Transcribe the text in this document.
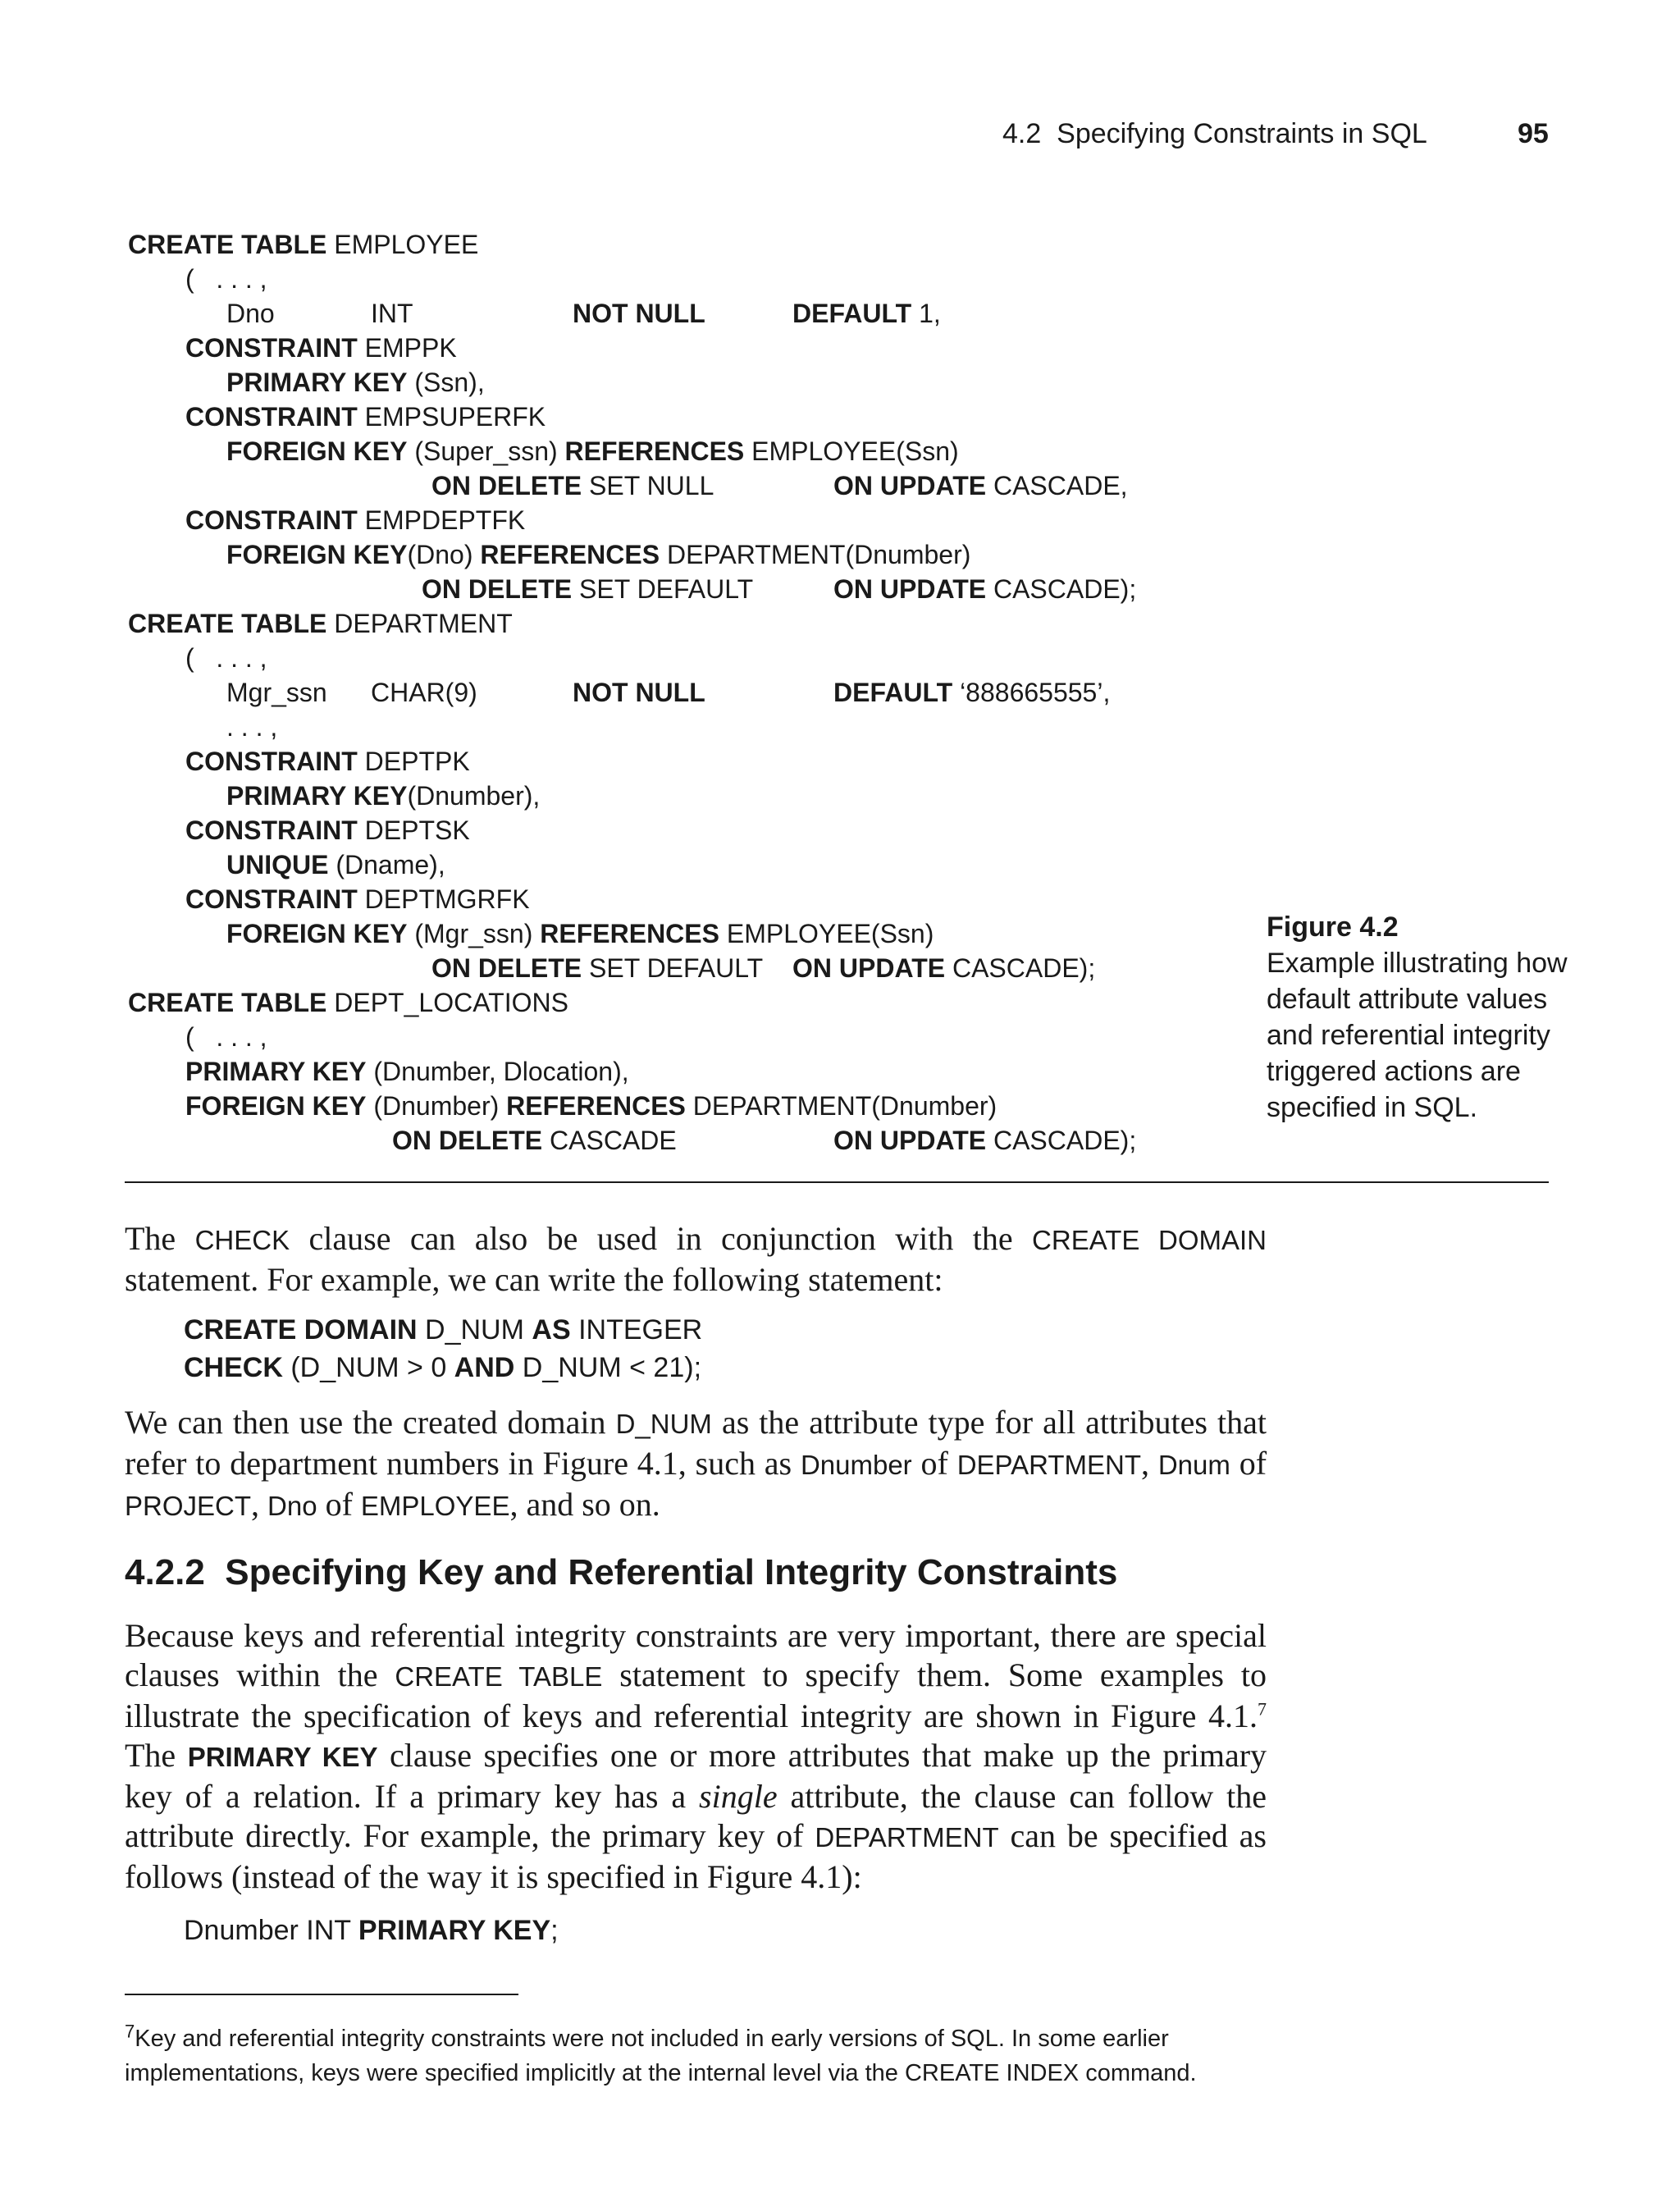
4.2  Specifying Constraints in SQL	95
CREATE TABLE EMPLOYEE
(   . . . ,
Dno	INT	NOT NULL	DEFAULT 1,
CONSTRAINT EMPPK
PRIMARY KEY (Ssn),
CONSTRAINT EMPSUPERFK
FOREIGN KEY (Super_ssn) REFERENCES EMPLOYEE(Ssn)
ON DELETE SET NULL	ON UPDATE CASCADE,
CONSTRAINT EMPDEPTFK
FOREIGN KEY(Dno) REFERENCES DEPARTMENT(Dnumber)
ON DELETE SET DEFAULT	ON UPDATE CASCADE);
CREATE TABLE DEPARTMENT
(   . . . ,
Mgr_ssn CHAR(9)	NOT NULL	DEFAULT ‘888665555’,
. . . ,
CONSTRAINT DEPTPK
PRIMARY KEY(Dnumber),
CONSTRAINT DEPTSK
UNIQUE (Dname),
CONSTRAINT DEPTMGRFK
FOREIGN KEY (Mgr_ssn) REFERENCES EMPLOYEE(Ssn)
ON DELETE SET DEFAULT ON UPDATE CASCADE);
CREATE TABLE DEPT_LOCATIONS
(   . . . ,
PRIMARY KEY (Dnumber, Dlocation),
FOREIGN KEY (Dnumber) REFERENCES DEPARTMENT(Dnumber)
ON DELETE CASCADE	ON UPDATE CASCADE);
Figure 4.2
Example illustrating how default attribute values and referential integrity triggered actions are specified in SQL.
The CHECK clause can also be used in conjunction with the CREATE DOMAIN statement. For example, we can write the following statement:
CREATE DOMAIN D_NUM AS INTEGER
CHECK (D_NUM > 0 AND D_NUM < 21);
We can then use the created domain D_NUM as the attribute type for all attributes that refer to department numbers in Figure 4.1, such as Dnumber of DEPARTMENT, Dnum of PROJECT, Dno of EMPLOYEE, and so on.
4.2.2  Specifying Key and Referential Integrity Constraints
Because keys and referential integrity constraints are very important, there are special clauses within the CREATE TABLE statement to specify them. Some examples to illustrate the specification of keys and referential integrity are shown in Figure 4.1.$^7$ The PRIMARY KEY clause specifies one or more attributes that make up the primary key of a relation. If a primary key has a single attribute, the clause can follow the attribute directly. For example, the primary key of DEPARTMENT can be specified as follows (instead of the way it is specified in Figure 4.1):
Dnumber INT PRIMARY KEY;
$^7$Key and referential integrity constraints were not included in early versions of SQL. In some earlier implementations, keys were specified implicitly at the internal level via the CREATE INDEX command.
